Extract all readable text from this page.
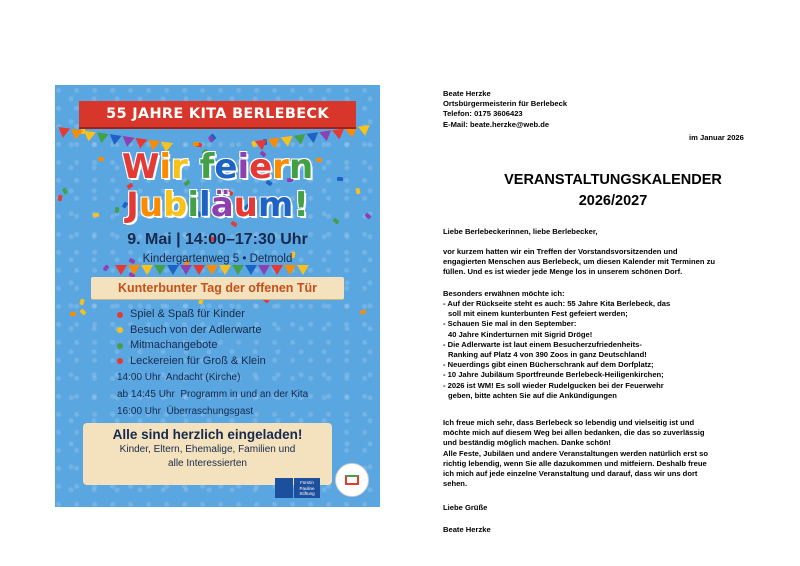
55 JAHRE KITA BERLEBECK
Wir feiern
Jubiläum!
9. Mai | 14:00–17:30 Uhr
Kindergartenweg 5 • Detmold
Kunterbunter Tag der offenen Tür
Spiel & Spaß für Kinder
Besuch von der Adlerwarte
Mitmachangebote
Leckereien für Groß & Klein
14:00 Uhr  Andacht (Kirche)
ab 14:45 Uhr  Programm in und an der Kita
16:00 Uhr  Überraschungsgast
Alle sind herzlich eingeladen!
Kinder, Eltern, Ehemalige, Familien und
alle Interessierten
Fürstin Pauline Stiftung
Beate Herzke
Ortsbürgermeisterin für Berlebeck
Telefon: 0175 3606423
E-Mail: beate.herzke@web.de
im Januar 2026
VERANSTALTUNGSKALENDER
2026/2027
Liebe Berlebeckerinnen, liebe Berlebecker,
vor kurzem hatten wir ein Treffen der Vorstandsvorsitzenden und
engagierten Menschen aus Berlebeck, um diesen Kalender mit Terminen zu
füllen. Und es ist wieder jede Menge los in unserem schönen Dorf.
Besonders erwähnen möchte ich:
- Auf der Rückseite steht es auch: 55 Jahre Kita Berlebeck, das
soll mit einem kunterbunten Fest gefeiert werden;
- Schauen Sie mal in den September:
40 Jahre Kinderturnen mit Sigrid Dröge!
- Die Adlerwarte ist laut einem Besucherzufriedenheits-
Ranking auf Platz 4 von 390 Zoos in ganz Deutschland!
- Neuerdings gibt einen Bücherschrank auf dem Dorfplatz;
- 10 Jahre Jubiläum Sportfreunde Berlebeck-Heiligenkirchen;
- 2026 ist WM! Es soll wieder Rudelgucken bei der Feuerwehr
geben, bitte achten Sie auf die Ankündigungen
Ich freue mich sehr, dass Berlebeck so lebendig und vielseitig ist und
möchte mich auf diesem Weg bei allen bedanken, die das so zuverlässig
und beständig möglich machen. Danke schön!
Alle Feste, Jubiläen und andere Veranstaltungen werden natürlich erst so
richtig lebendig, wenn Sie alle dazukommen und mitfeiern. Deshalb freue
ich mich auf jede einzelne Veranstaltung und darauf, dass wir uns dort
sehen.
Liebe Grüße
Beate Herzke
